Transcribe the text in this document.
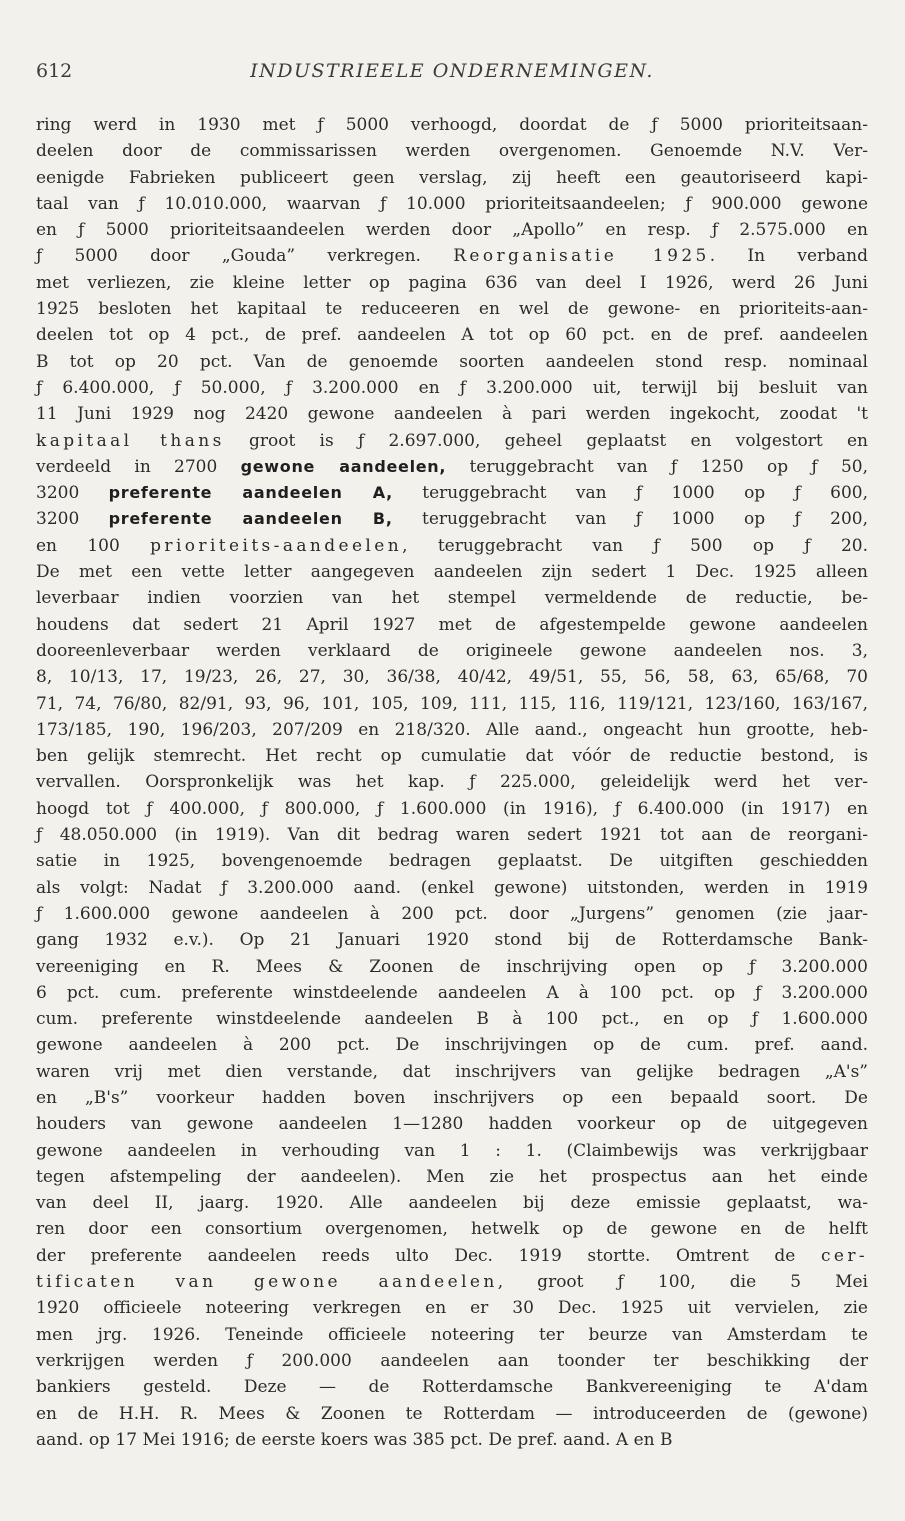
612	INDUSTRIEELE ONDERNEMINGEN.
ring werd in 1930 met ƒ 5000 verhoogd, doordat de ƒ 5000 prioriteitsaan-
deelen door de commissarissen werden overgenomen. Genoemde N.V. Ver-
eenigde Fabrieken publiceert geen verslag, zij heeft een geautoriseerd kapi-
taal van ƒ 10.010.000, waarvan ƒ 10.000 prioriteitsaandeelen; ƒ 900.000 gewone
en ƒ 5000 prioriteitsaandeelen werden door „Apollo” en resp. ƒ 2.575.000 en
ƒ 5000 door „Gouda” verkregen. Reorganisatie 1925. In verband
met verliezen, zie kleine letter op pagina 636 van deel I 1926, werd 26 Juni
1925 besloten het kapitaal te reduceeren en wel de gewone- en prioriteits-aan-
deelen tot op 4 pct., de pref. aandeelen A tot op 60 pct. en de pref. aandeelen
B tot op 20 pct. Van de genoemde soorten aandeelen stond resp. nominaal
ƒ 6.400.000, ƒ 50.000, ƒ 3.200.000 en ƒ 3.200.000 uit, terwijl bij besluit van
11 Juni 1929 nog 2420 gewone aandeelen à pari werden ingekocht, zoodat 't
kapitaal thans groot is ƒ 2.697.000, geheel geplaatst en volgestort en
verdeeld in 2700 gewone aandeelen, teruggebracht van ƒ 1250 op ƒ 50,
3200 preferente aandeelen A, teruggebracht van ƒ 1000 op ƒ 600,
3200 preferente aandeelen B, teruggebracht van ƒ 1000 op ƒ 200,
en 100 prioriteits-aandeelen, teruggebracht van ƒ 500 op ƒ 20.
De met een vette letter aangegeven aandeelen zijn sedert 1 Dec. 1925 alleen
leverbaar indien voorzien van het stempel vermeldende de reductie, be-
houdens dat sedert 21 April 1927 met de afgestempelde gewone aandeelen
dooreenleverbaar werden verklaard de origineele gewone aandeelen nos. 3,
8, 10/13, 17, 19/23, 26, 27, 30, 36/38, 40/42, 49/51, 55, 56, 58, 63, 65/68, 70
71, 74, 76/80, 82/91, 93, 96, 101, 105, 109, 111, 115, 116, 119/121, 123/160, 163/167,
173/185, 190, 196/203, 207/209 en 218/320. Alle aand., ongeacht hun grootte, heb-
ben gelijk stemrecht. Het recht op cumulatie dat vóór de reductie bestond, is
vervallen. Oorspronkelijk was het kap. ƒ 225.000, geleidelijk werd het ver-
hoogd tot ƒ 400.000, ƒ 800.000, ƒ 1.600.000 (in 1916), ƒ 6.400.000 (in 1917) en
ƒ 48.050.000 (in 1919). Van dit bedrag waren sedert 1921 tot aan de reorgani-
satie in 1925, bovengenoemde bedragen geplaatst. De uitgiften geschiedden
als volgt: Nadat ƒ 3.200.000 aand. (enkel gewone) uitstonden, werden in 1919
ƒ 1.600.000 gewone aandeelen à 200 pct. door „Jurgens” genomen (zie jaar-
gang 1932 e.v.). Op 21 Januari 1920 stond bij de Rotterdamsche Bank-
vereeniging en R. Mees & Zoonen de inschrijving open op ƒ 3.200.000
6 pct. cum. preferente winstdeelende aandeelen A à 100 pct. op ƒ 3.200.000
cum. preferente winstdeelende aandeelen B à 100 pct., en op ƒ 1.600.000
gewone aandeelen à 200 pct. De inschrijvingen op de cum. pref. aand.
waren vrij met dien verstande, dat inschrijvers van gelijke bedragen „A's”
en „B's” voorkeur hadden boven inschrijvers op een bepaald soort. De
houders van gewone aandeelen 1—1280 hadden voorkeur op de uitgegeven
gewone aandeelen in verhouding van 1 : 1. (Claimbewijs was verkrijgbaar
tegen afstempeling der aandeelen). Men zie het prospectus aan het einde
van deel II, jaarg. 1920. Alle aandeelen bij deze emissie geplaatst, wa-
ren door een consortium overgenomen, hetwelk op de gewone en de helft
der preferente aandeelen reeds ulto Dec. 1919 stortte. Omtrent de cer-
tificaten van gewone aandeelen, groot ƒ 100, die 5 Mei
1920 officieele noteering verkregen en er 30 Dec. 1925 uit vervielen, zie
men jrg. 1926. Teneinde officieele noteering ter beurze van Amsterdam te
verkrijgen werden ƒ 200.000 aandeelen aan toonder ter beschikking der
bankiers gesteld. Deze — de Rotterdamsche Bankvereeniging te A'dam
en de H.H. R. Mees & Zoonen te Rotterdam — introduceerden de (gewone)
aand. op 17 Mei 1916; de eerste koers was 385 pct. De pref. aand. A en B
